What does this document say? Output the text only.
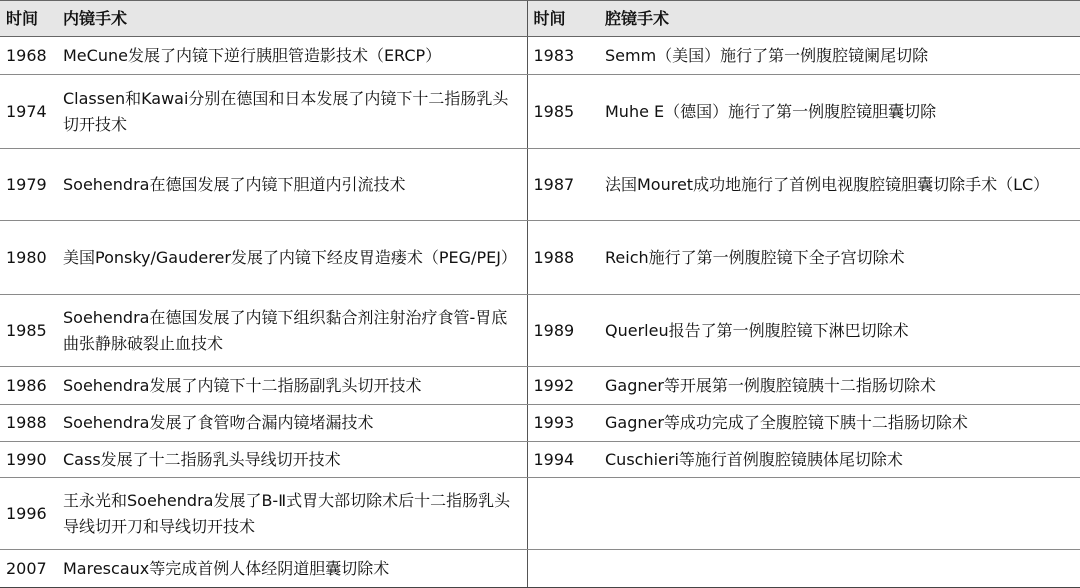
时间	内镜手术	时间	腔镜手术
1968	MeCune发展了内镜下逆行胰胆管造影技术（ERCP）	1983	Semm（美国）施行了第一例腹腔镜阑尾切除
1974	Classen和Kawai分别在德国和日本发展了内镜下十二指肠乳头切开技术	1985	Muhe E（德国）施行了第一例腹腔镜胆囊切除
1979	Soehendra在德国发展了内镜下胆道内引流技术	1987	法国Mouret成功地施行了首例电视腹腔镜胆囊切除手术（LC）
1980	美国Ponsky/Gauderer发展了内镜下经皮胃造瘘术（PEG/PEJ）	1988	Reich施行了第一例腹腔镜下全子宫切除术
1985	Soehendra在德国发展了内镜下组织黏合剂注射治疗食管-胃底曲张静脉破裂止血技术	1989	Querleu报告了第一例腹腔镜下淋巴切除术
1986	Soehendra发展了内镜下十二指肠副乳头切开技术	1992	Gagner等开展第一例腹腔镜胰十二指肠切除术
1988	Soehendra发展了食管吻合漏内镜堵漏技术	1993	Gagner等成功完成了全腹腔镜下胰十二指肠切除术
1990	Cass发展了十二指肠乳头导线切开技术	1994	Cuschieri等施行首例腹腔镜胰体尾切除术
1996	王永光和Soehendra发展了B-Ⅱ式胃大部切除术后十二指肠乳头导线切开刀和导线切开技术		
2007	Marescaux等完成首例人体经阴道胆囊切除术		
